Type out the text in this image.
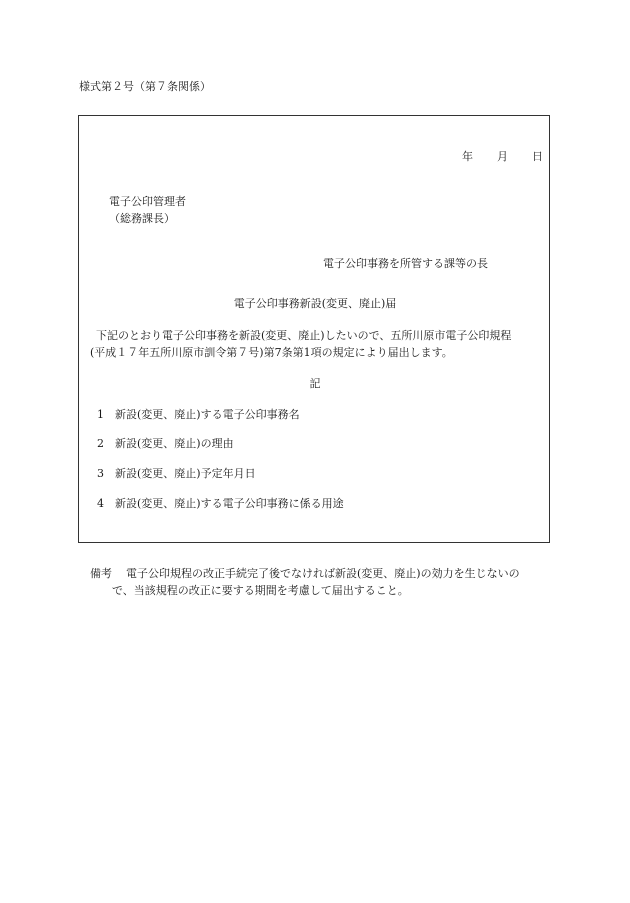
様式第２号（第７条関係）
年 月 日
電子公印管理者
（総務課長）
電子公印事務を所管する課等の長
電子公印事務新設(変更、廃止)届
下記のとおり電子公印事務を新設(変更、廃止)したいので、五所川原市電子公印規程
(平成１７年五所川原市訓令第７号)第7条第1項の規定により届出します。
記
1 新設(変更、廃止)する電子公印事務名
2 新設(変更、廃止)の理由
3 新設(変更、廃止)予定年月日
4 新設(変更、廃止)する電子公印事務に係る用途
備考 電子公印規程の改正手続完了後でなければ新設(変更、廃止)の効力を生じないの
で、当該規程の改正に要する期間を考慮して届出すること。
